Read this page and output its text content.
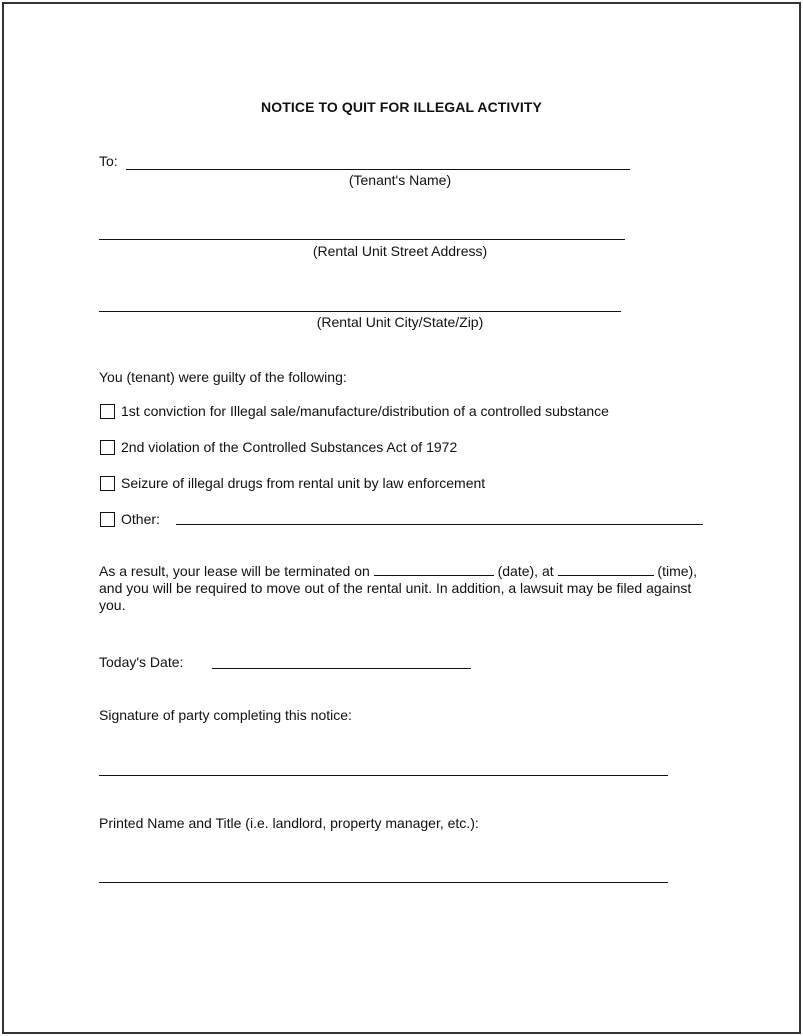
NOTICE TO QUIT FOR ILLEGAL ACTIVITY
To:
(Tenant's Name)
(Rental Unit Street Address)
(Rental Unit City/State/Zip)
You (tenant) were guilty of the following:
1st conviction for Illegal sale/manufacture/distribution of a controlled substance
2nd violation of the Controlled Substances Act of 1972
Seizure of illegal drugs from rental unit by law enforcement
Other:
As a result, your lease will be terminated on	(date), at	(time), and you will be required to move out of the rental unit. In addition, a lawsuit may be filed against you.
Today's Date:
Signature of party completing this notice:
Printed Name and Title (i.e. landlord, property manager, etc.):
